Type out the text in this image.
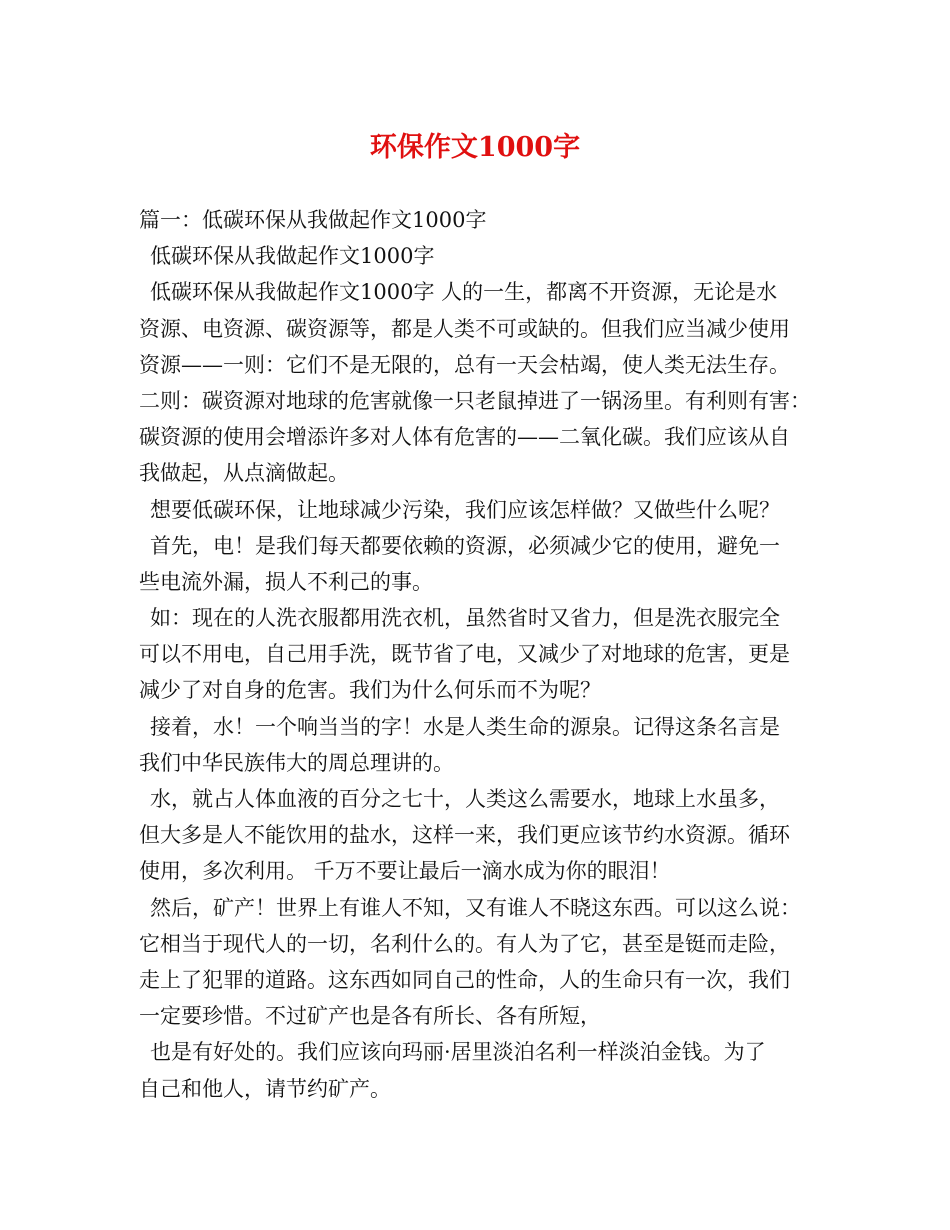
环保作文1000字
篇一：低碳环保从我做起作文1000字
低碳环保从我做起作文1000字
低碳环保从我做起作文1000字 人的一生，都离不开资源，无论是水
资源、电资源、碳资源等，都是人类不可或缺的。但我们应当减少使用
资源——一则：它们不是无限的，总有一天会枯竭，使人类无法生存。
二则：碳资源对地球的危害就像一只老鼠掉进了一锅汤里。有利则有害：
碳资源的使用会增添许多对人体有危害的——二氧化碳。我们应该从自
我做起，从点滴做起。
想要低碳环保，让地球减少污染，我们应该怎样做？又做些什么呢？
首先，电！是我们每天都要依赖的资源，必须减少它的使用，避免一
些电流外漏，损人不利己的事。
如：现在的人洗衣服都用洗衣机，虽然省时又省力，但是洗衣服完全
可以不用电，自己用手洗，既节省了电，又减少了对地球的危害，更是
减少了对自身的危害。我们为什么何乐而不为呢？
接着，水！一个响当当的字！水是人类生命的源泉。记得这条名言是
我们中华民族伟大的周总理讲的。
水，就占人体血液的百分之七十，人类这么需要水，地球上水虽多，
但大多是人不能饮用的盐水，这样一来，我们更应该节约水资源。循环
使用，多次利用。 千万不要让最后一滴水成为你的眼泪！
然后，矿产！世界上有谁人不知，又有谁人不晓这东西。可以这么说：
它相当于现代人的一切，名利什么的。有人为了它，甚至是铤而走险，
走上了犯罪的道路。这东西如同自己的性命，人的生命只有一次，我们
一定要珍惜。不过矿产也是各有所长、各有所短，
也是有好处的。我们应该向玛丽·居里淡泊名利一样淡泊金钱。为了
自己和他人，请节约矿产。
